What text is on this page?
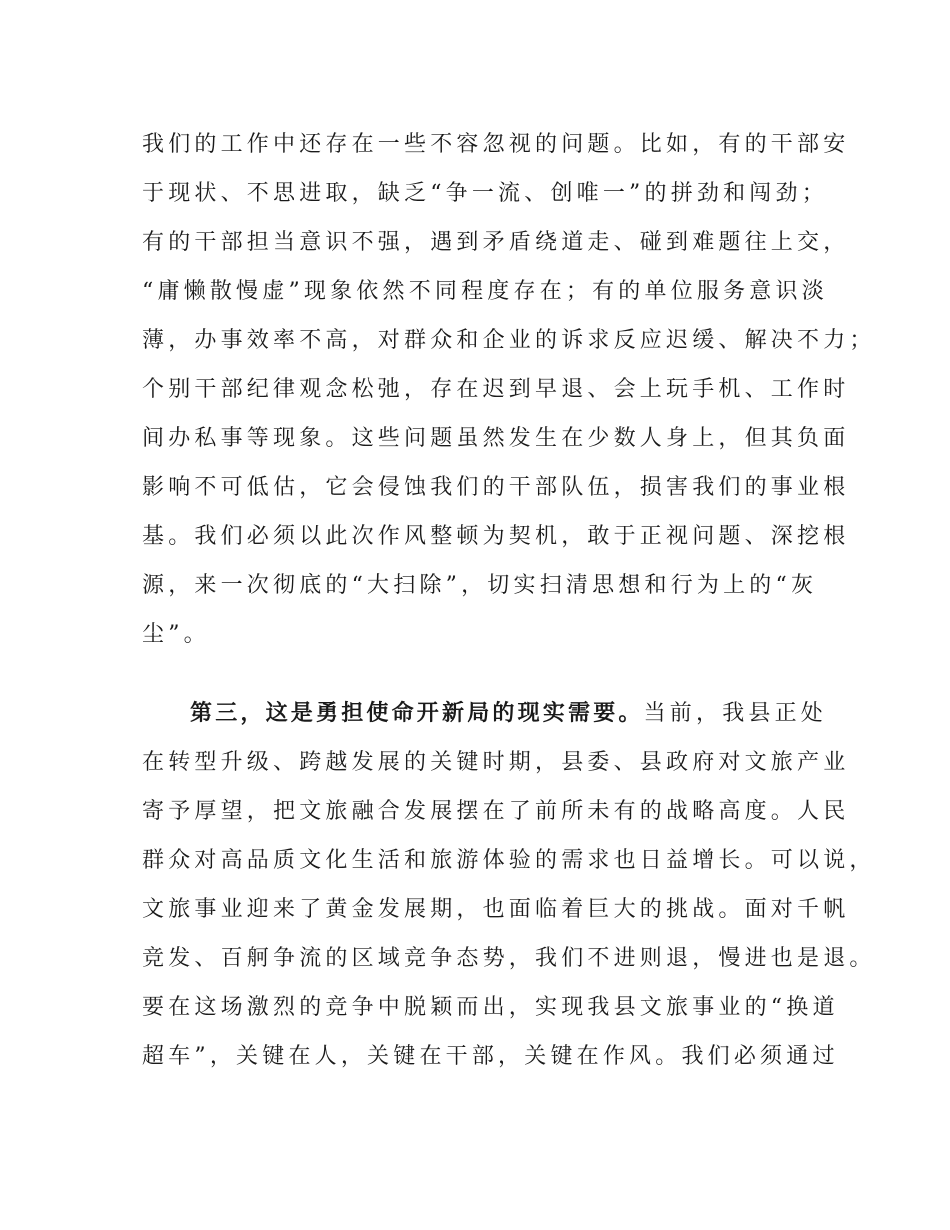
我们的工作中还存在一些不容忽视的问题。比如，有的干部安
于现状、不思进取，缺乏“争一流、创唯一”的拼劲和闯劲；
有的干部担当意识不强，遇到矛盾绕道走、碰到难题往上交，
“庸懒散慢虚”现象依然不同程度存在；有的单位服务意识淡
薄，办事效率不高，对群众和企业的诉求反应迟缓、解决不力；
个别干部纪律观念松弛，存在迟到早退、会上玩手机、工作时
间办私事等现象。这些问题虽然发生在少数人身上，但其负面
影响不可低估，它会侵蚀我们的干部队伍，损害我们的事业根
基。我们必须以此次作风整顿为契机，敢于正视问题、深挖根
源，来一次彻底的“大扫除”，切实扫清思想和行为上的“灰
尘”。
第三，这是勇担使命开新局的现实需要。当前，我县正处
在转型升级、跨越发展的关键时期，县委、县政府对文旅产业
寄予厚望，把文旅融合发展摆在了前所未有的战略高度。人民
群众对高品质文化生活和旅游体验的需求也日益增长。可以说，
文旅事业迎来了黄金发展期，也面临着巨大的挑战。面对千帆
竞发、百舸争流的区域竞争态势，我们不进则退，慢进也是退。
要在这场激烈的竞争中脱颖而出，实现我县文旅事业的“换道
超车”，关键在人，关键在干部，关键在作风。我们必须通过
